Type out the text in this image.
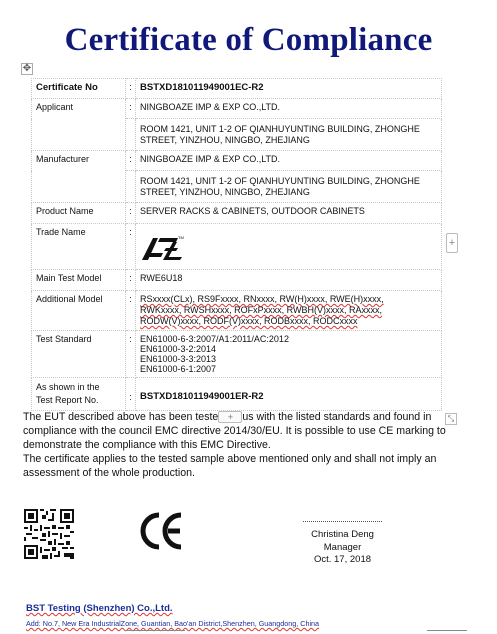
Certificate of Compliance
✥
Certificate No	:	BSTXD181011949001EC-R2
Applicant	:	NINGBOAZE IMP & EXP CO.,LTD.
		ROOM 1421, UNIT 1-2 OF QIANHUYUNTING BUILDING, ZHONGHE STREET, YINZHOU, NINGBO, ZHEJIANG
Manufacturer	:	NINGBOAZE IMP & EXP CO.,LTD.
		ROOM 1421, UNIT 1-2 OF QIANHUYUNTING BUILDING, ZHONGHE STREET, YINZHOU, NINGBO, ZHEJIANG
Product Name	:	SERVER RACKS & CABINETS, OUTDOOR CABINETS
Trade Name	:	TM

Main Test Model	:	RWE6U18
Additional Model	:	RSxxxx(CLx), RS9Fxxxx, RNxxxx, RW(H)xxxx, RWE(H)xxxx,
RWKxxxx, RWSHxxxx, ROFxPxxxx, RWBH(V)xxxx, RAxxxx,
RODW(V)xxxx, RODF(V)xxxx, RODBxxxx, RODCxxxx

Test Standard	:	EN61000-6-3:2007/A1:2011/AC:2012
EN61000-3-2:2014
EN61000-3-3:2013
EN61000-6-1:2007

As shown in the
Test Report No.	:	BSTXD181011949001ER-R2
+
⤡

The EUT described above has been teste + us with the listed standards and found in compliance with the council EMC directive 2014/30/EU. It is possible to use CE marking to demonstrate the compliance with this EMC Directive.

The certificate applies to the tested sample above mentioned only and shall not imply an assessment of the whole production.

CE
Christina Deng
Manager
Oct. 17, 2018
BST Testing (Shenzhen) Co.,Ltd.
Add: No.7, New Era IndustrialZone, Guantian, Bao'an District,Shenzhen, Guangdong, China
